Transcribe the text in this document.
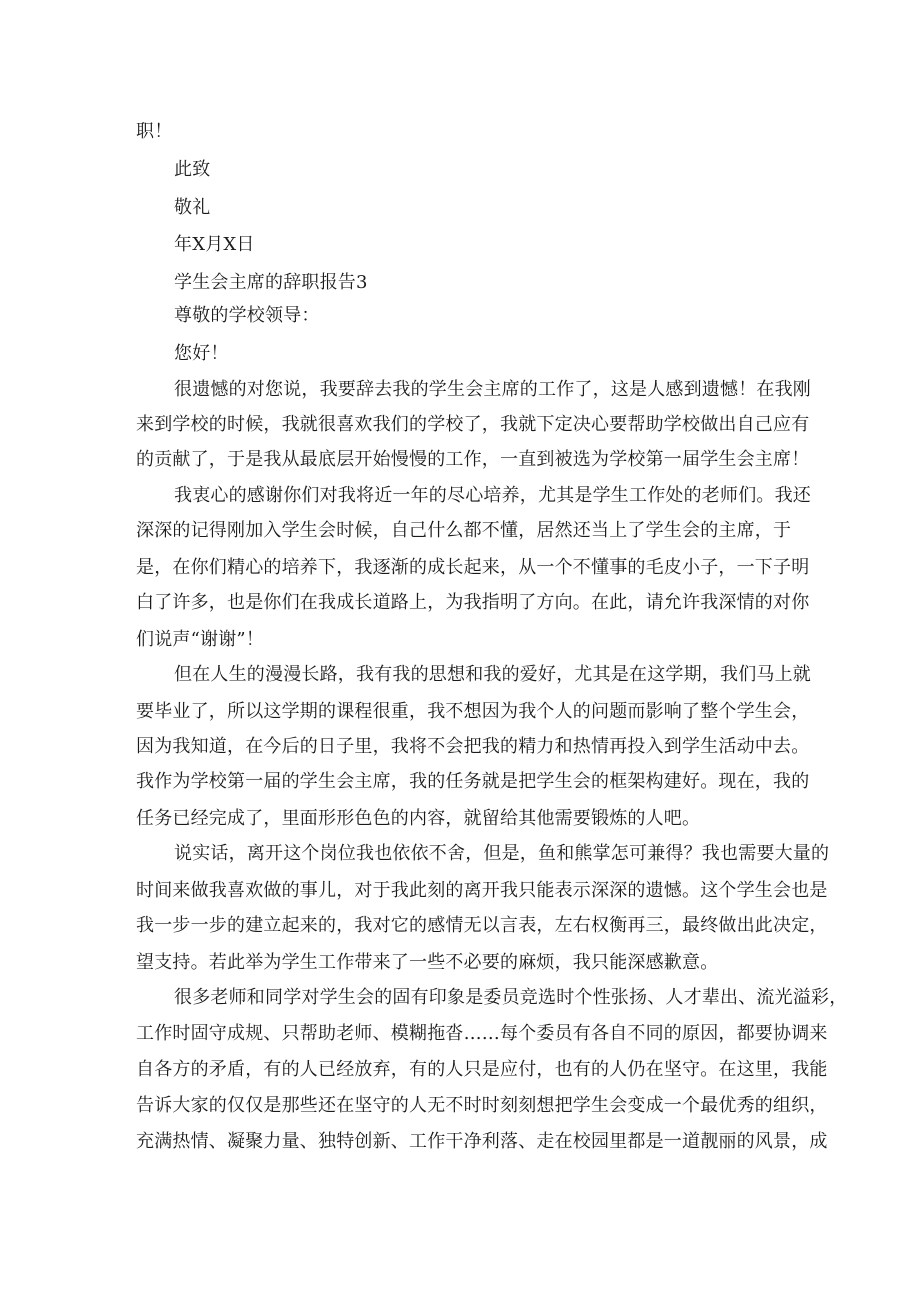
职！
此致
敬礼
年X月X日
学生会主席的辞职报告3
尊敬的学校领导：
您好！
很遗憾的对您说，我要辞去我的学生会主席的工作了，这是人感到遗憾！在我刚
来到学校的时候，我就很喜欢我们的学校了，我就下定决心要帮助学校做出自己应有
的贡献了，于是我从最底层开始慢慢的工作，一直到被选为学校第一届学生会主席！
我衷心的感谢你们对我将近一年的尽心培养，尤其是学生工作处的老师们。我还
深深的记得刚加入学生会时候，自己什么都不懂，居然还当上了学生会的主席，于
是，在你们精心的培养下，我逐渐的成长起来，从一个不懂事的毛皮小子，一下子明
白了许多，也是你们在我成长道路上，为我指明了方向。在此，请允许我深情的对你
们说声“谢谢”！
但在人生的漫漫长路，我有我的思想和我的爱好，尤其是在这学期，我们马上就
要毕业了，所以这学期的课程很重，我不想因为我个人的问题而影响了整个学生会，
因为我知道，在今后的日子里，我将不会把我的精力和热情再投入到学生活动中去。
我作为学校第一届的学生会主席，我的任务就是把学生会的框架构建好。现在，我的
任务已经完成了，里面形形色色的内容，就留给其他需要锻炼的人吧。
说实话，离开这个岗位我也依依不舍，但是，鱼和熊掌怎可兼得？我也需要大量的
时间来做我喜欢做的事儿，对于我此刻的离开我只能表示深深的遗憾。这个学生会也是
我一步一步的建立起来的，我对它的感情无以言表，左右权衡再三，最终做出此决定，
望支持。若此举为学生工作带来了一些不必要的麻烦，我只能深感歉意。
很多老师和同学对学生会的固有印象是委员竞选时个性张扬、人才辈出、流光溢彩，
工作时固守成规、只帮助老师、模糊拖沓……每个委员有各自不同的原因，都要协调来
自各方的矛盾，有的人已经放弃，有的人只是应付，也有的人仍在坚守。在这里，我能
告诉大家的仅仅是那些还在坚守的人无不时时刻刻想把学生会变成一个最优秀的组织，
充满热情、凝聚力量、独特创新、工作干净利落、走在校园里都是一道靓丽的风景，成
